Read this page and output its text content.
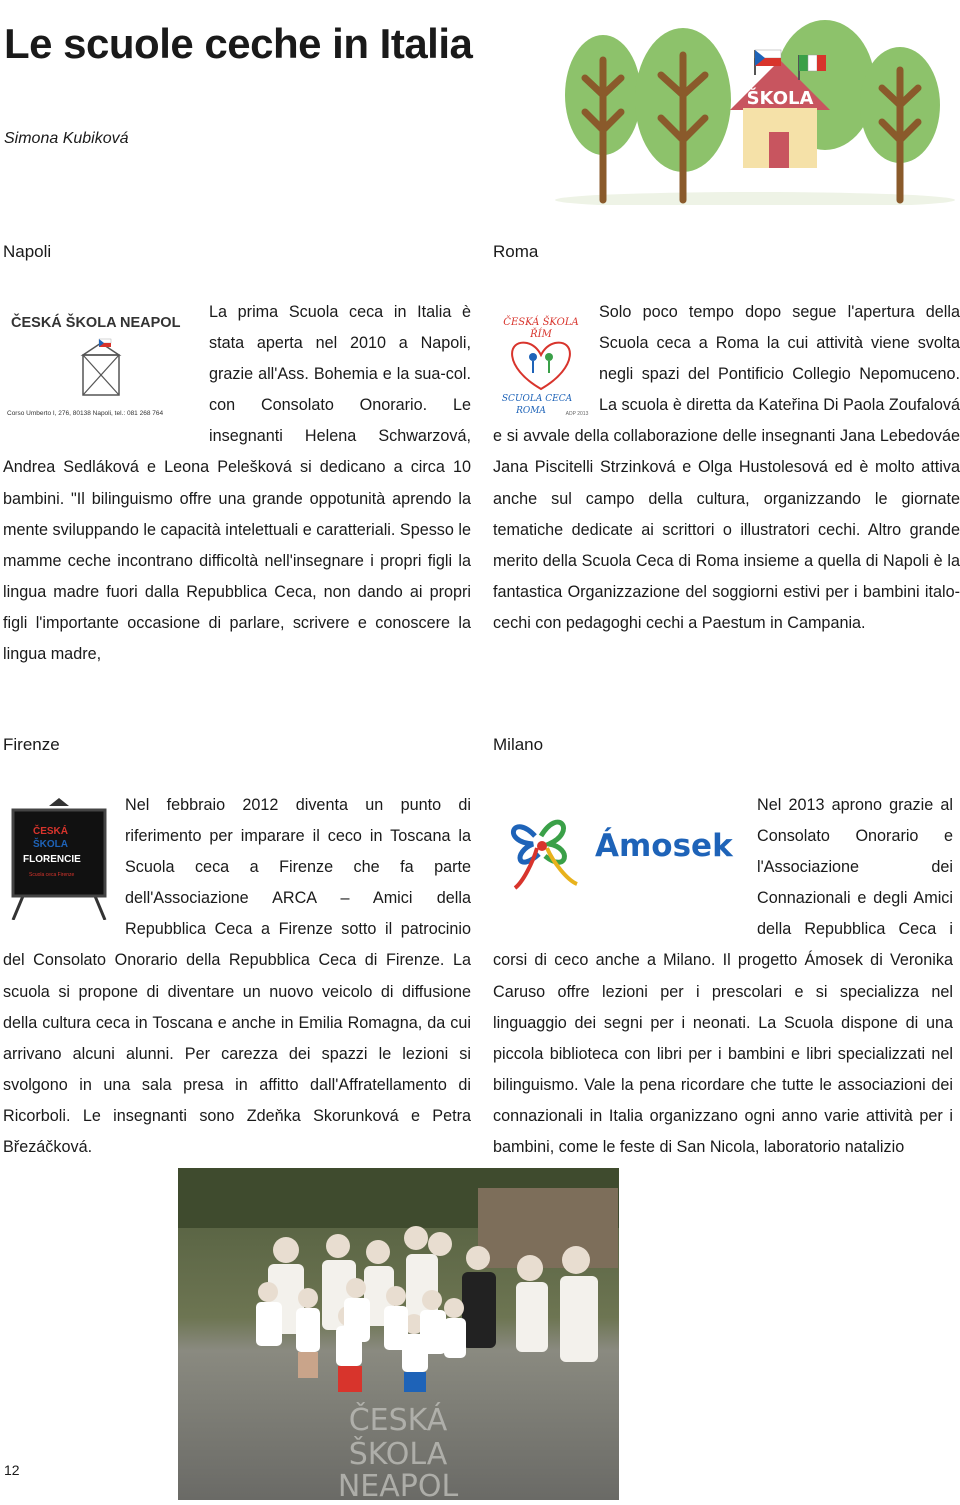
Le scuole ceche in Italia
Simona Kubiková
ŠKOLA
Napoli	Roma
Firenze	Milano
ČESKÁ ŠKOLA NEAPOL
Corso Umberto I, 276, 80138 Napoli, tel.: 081 268 764
La prima Scuola ceca in Italia è stata aperta nel 2010 a Napoli, grazie all'Ass. Bohemia e la sua-col. con Consolato Onorario. Le insegnanti Helena Schwarzová, Andrea Sedláková e Leona Pelešková si dedicano a circa 10 bambini. "Il bilinguismo offre una grande oppotunità aprendo la mente sviluppando le capacità intelettuali e caratteriali. Spesso le mamme ceche incontrano difficoltà nell'insegnare i propri figli la lingua madre fuori dalla Repubblica Ceca, non dando ai propri figli l'importante occasione di parlare, scrivere e conoscere la lingua madre,
ČESKÁ ŠKOLA
ŘÍM
SCUOLA CECA
ROMA	ADP 2013
Solo poco tempo dopo segue l'apertura della Scuola ceca a Roma la cui attività viene svolta negli spazi del Pontificio Collegio Nepomuceno. La scuola è diretta da Kateřina Di Paola Zoufalová e si avvale della collaborazione delle insegnanti Jana Lebedováe Jana Piscitelli Strzinková e Olga Hustolesová ed è molto attiva anche sul campo della cultura, organizzando le giornate tematiche dedicate ai scrittori o illustratori cechi. Altro grande merito della Scuola Ceca di Roma insieme a quella di Napoli è la fantastica Organizzazione del soggiorni estivi per i bambini italo-cechi con pedagoghi cechi a Paestum in Campania.
ČESKÁ
ŠKOLA
FLORENCIE
Scuola ceca Firenze
Nel febbraio 2012 diventa un punto di riferimento per imparare il ceco in Toscana la Scuola ceca a Firenze che fa parte dell'Associazione ARCA – Amici della Repubblica Ceca a Firenze sotto il patrocinio del Consolato Onorario della Repubblica Ceca di Firenze. La scuola si propone di diventare un nuovo veicolo di diffusione della cultura ceca in Toscana e anche in Emilia Romagna, da cui arrivano alcuni alunni. Per carezza dei spazzi le lezioni si svolgono in una sala presa in affitto dall'Affratellamento di Ricorboli. Le insegnanti sono Zdeňka Skorunková e Petra Březáčková.
Ámosek
Nel 2013 aprono grazie al Consolato Onorario e l'Associazione dei Connazionali e degli Amici della Repubblica Ceca i corsi di ceco anche a Milano. Il progetto Ámosek di Veronika Caruso offre lezioni per i prescolari e si specializza nel linguaggio dei segni per i neonati. La Scuola dispone di una piccola biblioteca con libri per i bambini e libri specializzati nel bilinguismo. Vale la pena ricordare che tutte le associazioni dei connazionali in Italia organizzano ogni anno varie attività per i bambini, come le feste di San Nicola, laboratorio natalizio
ČESKÁ
ŠKOLA
NEAPOL
12
